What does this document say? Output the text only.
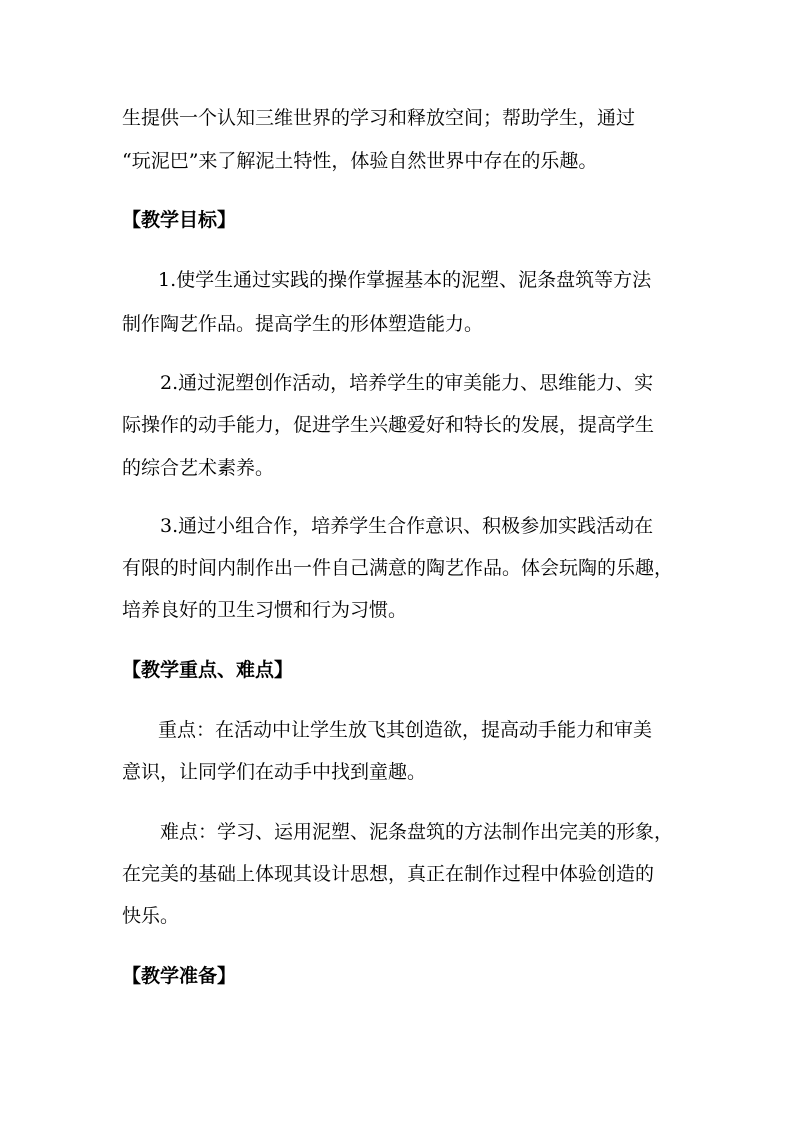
生提供一个认知三维世界的学习和释放空间；帮助学生，通过
“玩泥巴”来了解泥土特性，体验自然世界中存在的乐趣。
【教学目标】
1.使学生通过实践的操作掌握基本的泥塑、泥条盘筑等方法
制作陶艺作品。提高学生的形体塑造能力。
2.通过泥塑创作活动，培养学生的审美能力、思维能力、实
际操作的动手能力，促进学生兴趣爱好和特长的发展，提高学生
的综合艺术素养。
3.通过小组合作，培养学生合作意识、积极参加实践活动在
有限的时间内制作出一件自己满意的陶艺作品。体会玩陶的乐趣，
培养良好的卫生习惯和行为习惯。
【教学重点、难点】
重点：在活动中让学生放飞其创造欲，提高动手能力和审美
意识，让同学们在动手中找到童趣。
难点：学习、运用泥塑、泥条盘筑的方法制作出完美的形象，
在完美的基础上体现其设计思想，真正在制作过程中体验创造的
快乐。
【教学准备】
